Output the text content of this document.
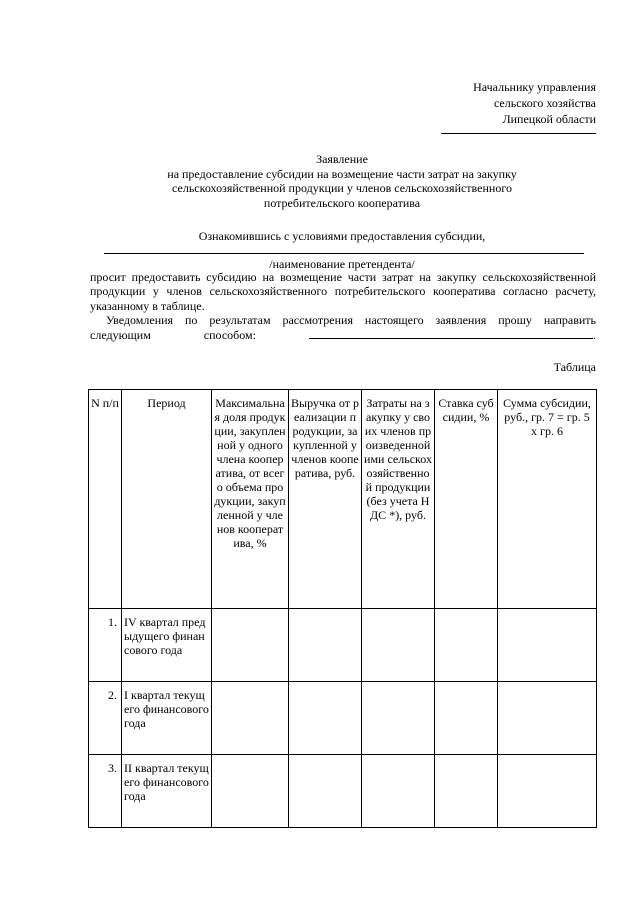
Начальнику управления
сельского хозяйства
Липецкой области
Заявление
на предоставление субсидии на возмещение части затрат на закупку
сельскохозяйственной продукции у членов сельскохозяйственного
потребительского кооператива
Ознакомившись с условиями предоставления субсидии,
/наименование претендента/

просит предоставить субсидию на возмещение части затрат на закупку сельскохозяйственной продукции у членов сельскохозяйственного потребительского кооператива согласно расчету, указанному в таблице.

Уведомления по результатам рассмотрения настоящего заявления прошу направить следующим способом:	.

Таблица
N п/п	Период	Максимальная доля продукции, закупленной у одного члена кооператива, от всего объема продукции, закупленной у членов кооператива, %	Выручка от реализации продукции, закупленной у членов кооператива, руб.	Затраты на закупку у своих членов произведенной ими сельскохозяйственной продукции (без учета НДС *), руб.	Ставка субсидии, %	Сумма субсидии, руб., гр. 7 = гр. 5 x гр. 6
1.	IV квартал предыдущего финансового года					
2.	I квартал текущего финансового года					
3.	II квартал текущего финансового года					
